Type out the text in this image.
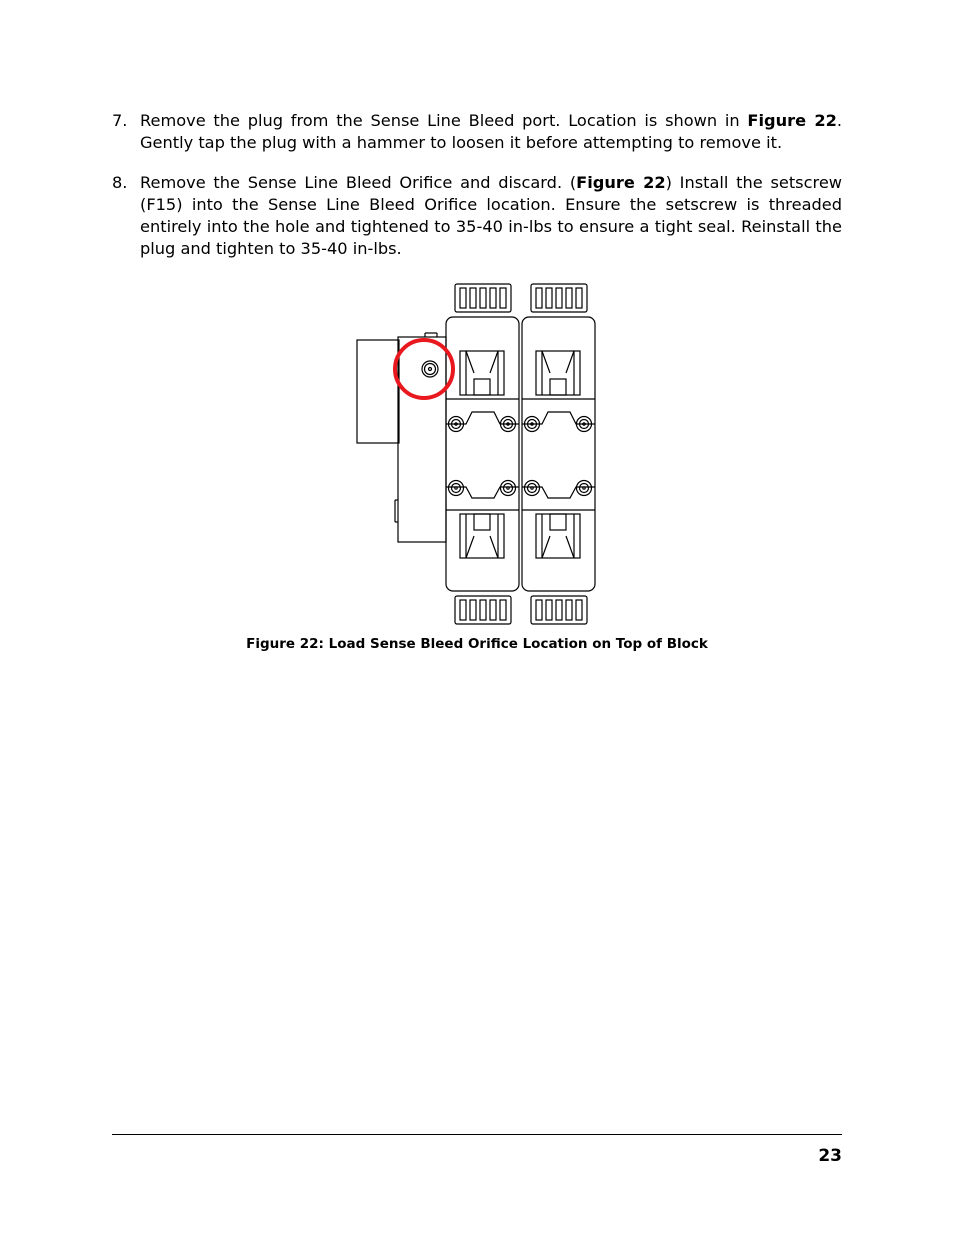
7. Remove the plug from the Sense Line Bleed port. Location is shown in Figure 22. Gently tap the plug with a hammer to loosen it before attempting to remove it.
8. Remove the Sense Line Bleed Orifice and discard. (Figure 22) Install the setscrew (F15) into the Sense Line Bleed Orifice location. Ensure the setscrew is threaded entirely into the hole and tightened to 35-40 in-lbs to ensure a tight seal. Reinstall the plug and tighten to 35-40 in-lbs.
Figure 22: Load Sense Bleed Orifice Location on Top of Block
23
